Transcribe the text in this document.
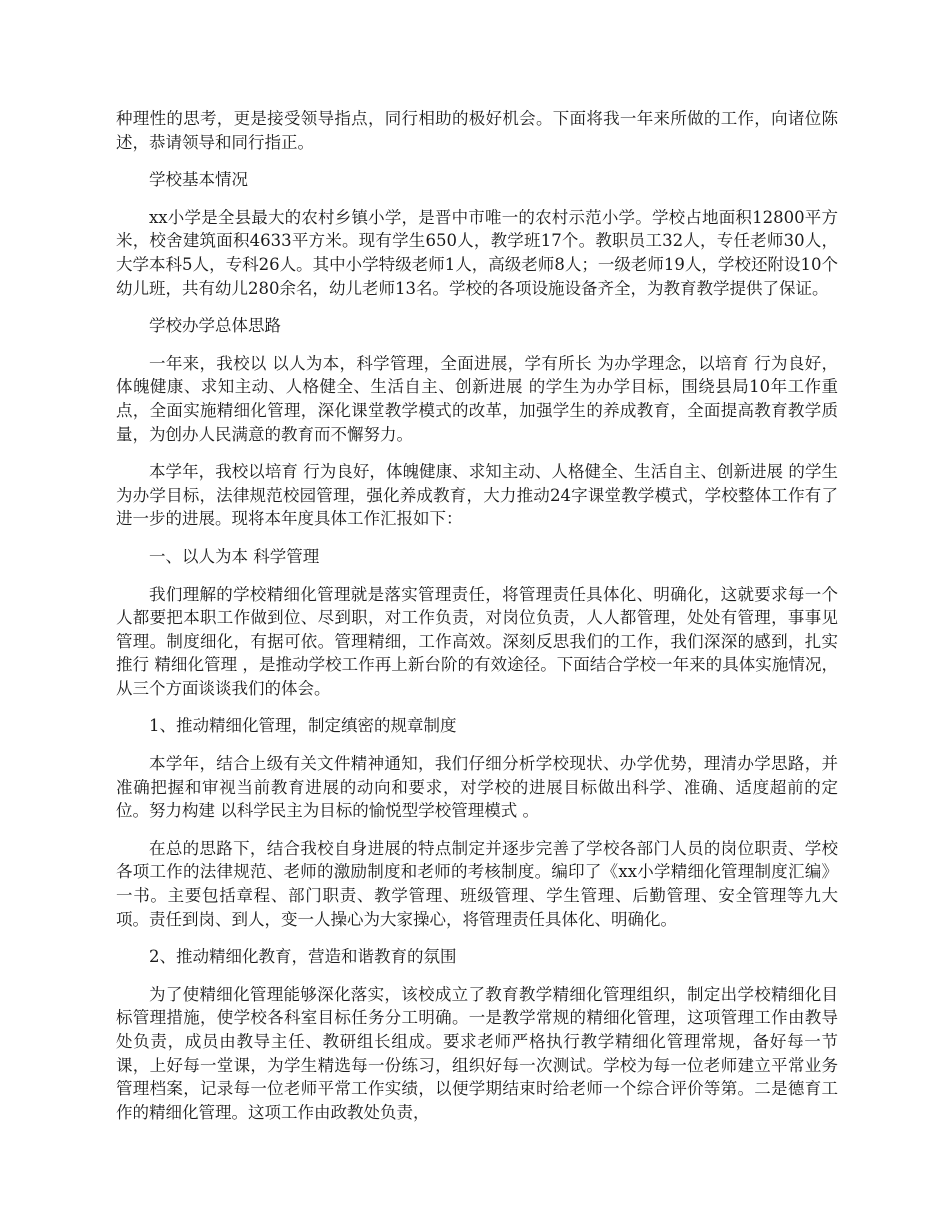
种理性的思考，更是接受领导指点，同行相助的极好机会。下面将我一年来所做的工作，向诸位陈述，恭请领导和同行指正。

学校基本情况

xx小学是全县最大的农村乡镇小学，是晋中市唯一的农村示范小学。学校占地面积12800平方米，校舍建筑面积4633平方米。现有学生650人，教学班17个。教职员工32人，专任老师30人，大学本科5人，专科26人。其中小学特级老师1人，高级老师8人；一级老师19人，学校还附设10个幼儿班，共有幼儿280余名，幼儿老师13名。学校的各项设施设备齐全，为教育教学提供了保证。

学校办学总体思路

一年来，我校以 以人为本，科学管理，全面进展，学有所长 为办学理念，以培育 行为良好，体魄健康、求知主动、人格健全、生活自主、创新进展 的学生为办学目标，围绕县局10年工作重点，全面实施精细化管理，深化课堂教学模式的改革，加强学生的养成教育，全面提高教育教学质量，为创办人民满意的教育而不懈努力。

本学年，我校以培育 行为良好，体魄健康、求知主动、人格健全、生活自主、创新进展 的学生为办学目标，法律规范校园管理，强化养成教育，大力推动24字课堂教学模式，学校整体工作有了进一步的进展。现将本年度具体工作汇报如下：

一、以人为本 科学管理

我们理解的学校精细化管理就是落实管理责任，将管理责任具体化、明确化，这就要求每一个人都要把本职工作做到位、尽到职，对工作负责，对岗位负责，人人都管理，处处有管理，事事见管理。制度细化，有据可依。管理精细，工作高效。深刻反思我们的工作，我们深深的感到，扎实推行 精细化管理 ，是推动学校工作再上新台阶的有效途径。下面结合学校一年来的具体实施情况，从三个方面谈谈我们的体会。

1、推动精细化管理，制定缜密的规章制度

本学年，结合上级有关文件精神通知，我们仔细分析学校现状、办学优势，理清办学思路，并准确把握和审视当前教育进展的动向和要求，对学校的进展目标做出科学、准确、适度超前的定位。努力构建 以科学民主为目标的愉悦型学校管理模式 。

在总的思路下，结合我校自身进展的特点制定并逐步完善了学校各部门人员的岗位职责、学校各项工作的法律规范、老师的激励制度和老师的考核制度。编印了《xx小学精细化管理制度汇编》一书。主要包括章程、部门职责、教学管理、班级管理、学生管理、后勤管理、安全管理等九大项。责任到岗、到人，变一人操心为大家操心，将管理责任具体化、明确化。

2、推动精细化教育，营造和谐教育的氛围

为了使精细化管理能够深化落实，该校成立了教育教学精细化管理组织，制定出学校精细化目标管理措施，使学校各科室目标任务分工明确。一是教学常规的精细化管理，这项管理工作由教导处负责，成员由教导主任、教研组长组成。要求老师严格执行教学精细化管理常规，备好每一节课，上好每一堂课，为学生精选每一份练习，组织好每一次测试。学校为每一位老师建立平常业务管理档案，记录每一位老师平常工作实绩，以便学期结束时给老师一个综合评价等第。二是德育工作的精细化管理。这项工作由政教处负责，
